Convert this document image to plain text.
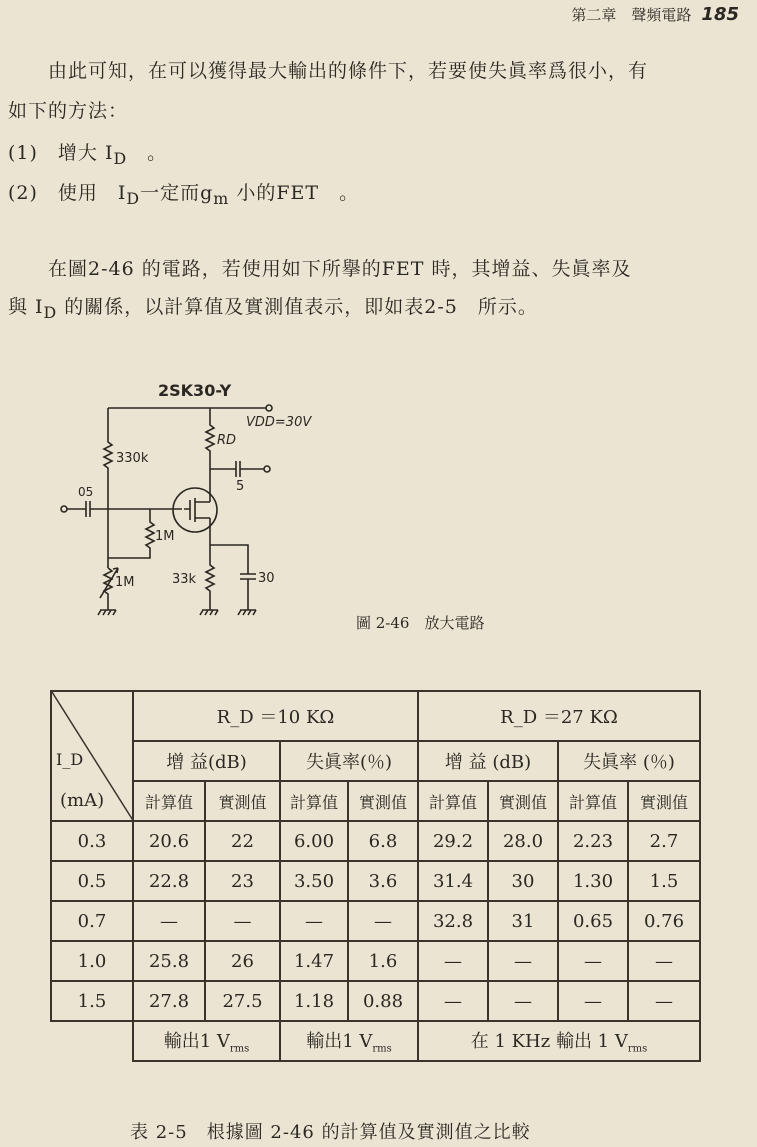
第二章　聲頻電路 185
　　由此可知，在可以獲得最大輸出的條件下，若要使失眞率爲很小，有
如下的方法：
(1)　增大 $I_D$　。
(2)　使用　$I_D$一定而$g_m$ 小的FET　。
　　在圖2-46 的電路，若使用如下所擧的FET 時，其增益、失眞率及
與 $I_D$ 的關係，以計算值及實測值表示，即如表2-5　所示。
2SK30-Y
VDD=30V
330k
1M
05
1M
RD
5
33k	30
圖 2-46　放大電路
I_D
(mA)	R_D ＝10 KΩ				R_D ＝27 KΩ			
	增 益(dB)		失眞率(％)		增 益 (dB)		失眞率 (％)	
	計算值	實測值	計算值	實測值	計算值	實測值	計算值	實測值
0.3	20.6	22	6.00	6.8	29.2	28.0	2.23	2.7
0.5	22.8	23	3.50	3.6	31.4	30	1.30	1.5
0.7	—	—	—	—	32.8	31	0.65	0.76
1.0	25.8	26	1.47	1.6	—	—	—	—
1.5	27.8	27.5	1.18	0.88	—	—	—	—
	輸出1 $V_{rms}$		輸出1 $V_{rms}$		在 1 KHz 輸出 1 $V_{rms}$
表 2-5　根據圖 2-46 的計算值及實測值之比較
